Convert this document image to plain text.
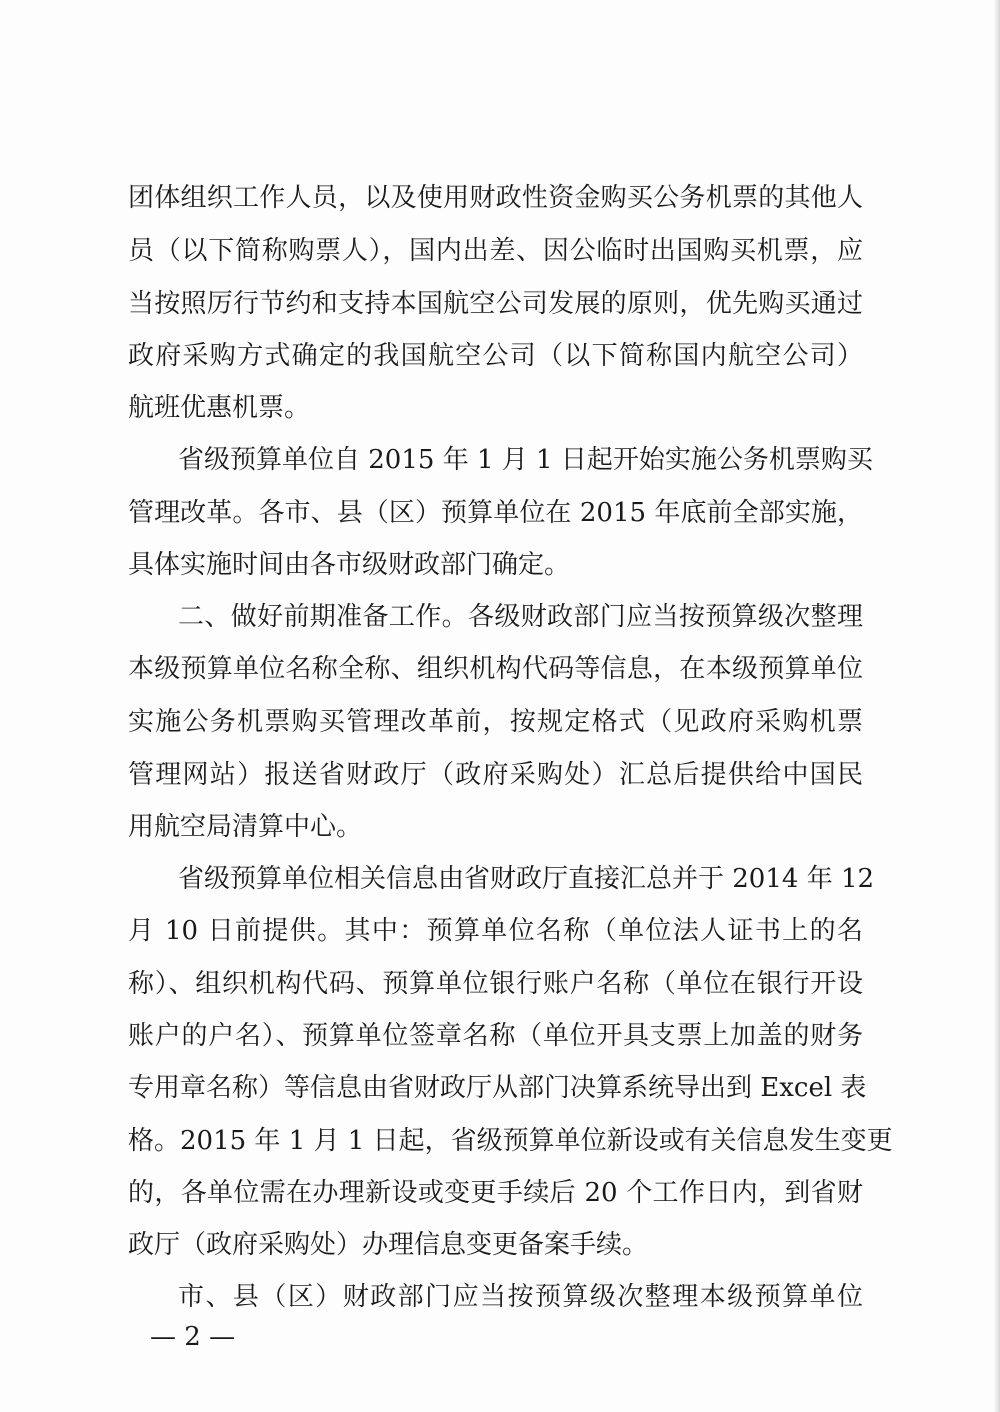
团体组织工作人员，以及使用财政性资金购买公务机票的其他人
员（以下简称购票人），国内出差、因公临时出国购买机票，应
当按照厉行节约和支持本国航空公司发展的原则，优先购买通过
政府采购方式确定的我国航空公司（以下简称国内航空公司）
航班优惠机票。
省级预算单位自 2015 年 1 月 1 日起开始实施公务机票购买
管理改革。各市、县（区）预算单位在 2015 年底前全部实施，
具体实施时间由各市级财政部门确定。
二、做好前期准备工作。各级财政部门应当按预算级次整理
本级预算单位名称全称、组织机构代码等信息，在本级预算单位
实施公务机票购买管理改革前，按规定格式（见政府采购机票
管理网站）报送省财政厅（政府采购处）汇总后提供给中国民
用航空局清算中心。
省级预算单位相关信息由省财政厅直接汇总并于 2014 年 12
月 10 日前提供。其中：预算单位名称（单位法人证书上的名
称）、组织机构代码、预算单位银行账户名称（单位在银行开设
账户的户名）、预算单位签章名称（单位开具支票上加盖的财务
专用章名称）等信息由省财政厅从部门决算系统导出到 Excel 表
格。2015 年 1 月 1 日起，省级预算单位新设或有关信息发生变更
的，各单位需在办理新设或变更手续后 20 个工作日内，到省财
政厅（政府采购处）办理信息变更备案手续。
市、县（区）财政部门应当按预算级次整理本级预算单位
— 2 —
